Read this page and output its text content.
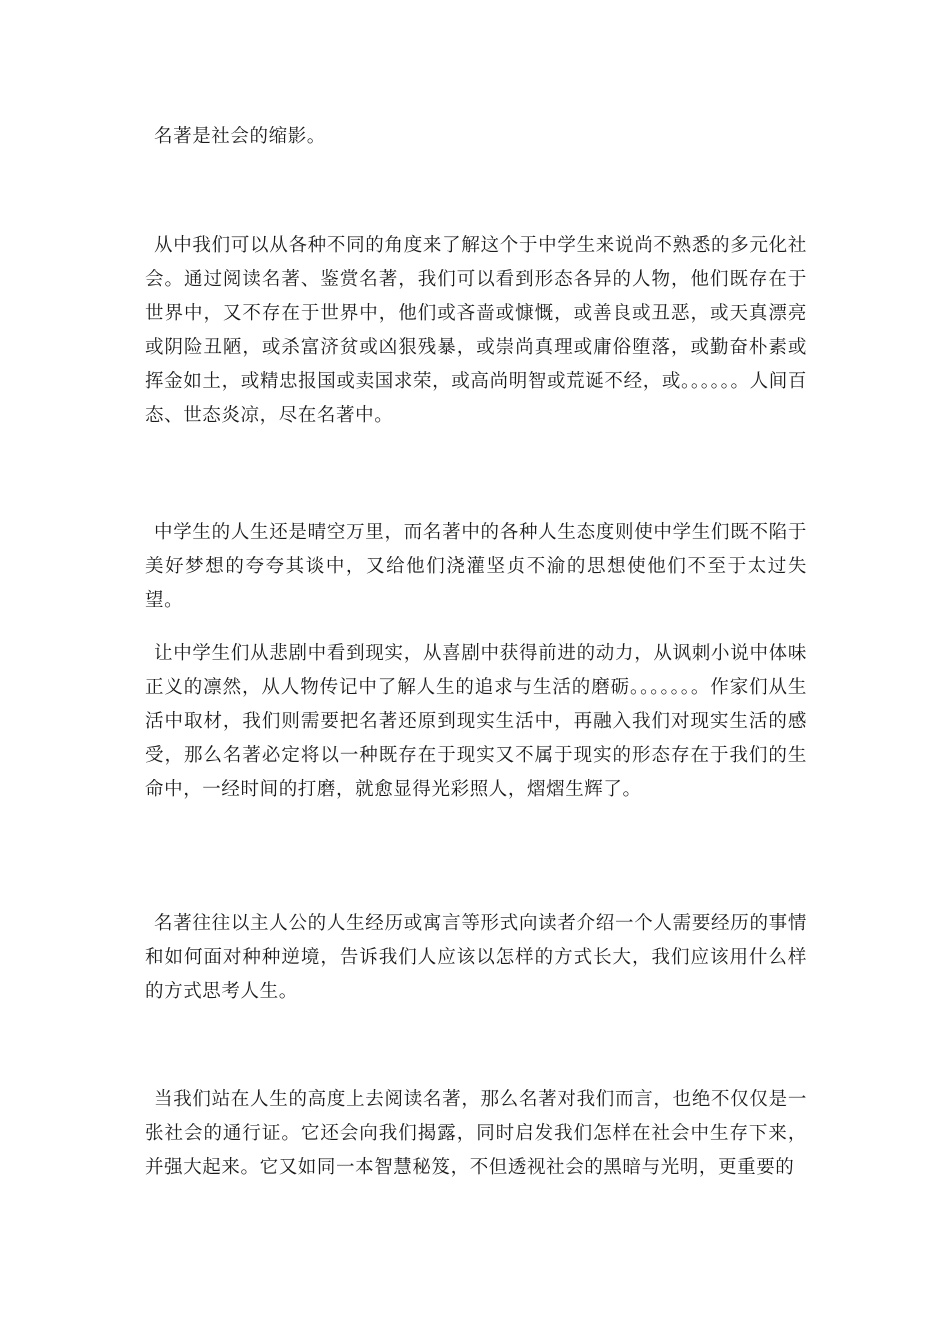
名著是社会的缩影。

从中我们可以从各种不同的角度来了解这个于中学生来说尚不熟悉的多元化社会。通过阅读名著、鉴赏名著，我们可以看到形态各异的人物，他们既存在于世界中，又不存在于世界中，他们或吝啬或慷慨，或善良或丑恶，或天真漂亮或阴险丑陋，或杀富济贫或凶狠残暴，或崇尚真理或庸俗堕落，或勤奋朴素或挥金如土，或精忠报国或卖国求荣，或高尚明智或荒诞不经，或。。。。。。人间百态、世态炎凉，尽在名著中。

中学生的人生还是晴空万里，而名著中的各种人生态度则使中学生们既不陷于美好梦想的夸夸其谈中，又给他们浇灌坚贞不渝的思想使他们不至于太过失望。

让中学生们从悲剧中看到现实，从喜剧中获得前进的动力，从讽刺小说中体味正义的凛然，从人物传记中了解人生的追求与生活的磨砺。。。。。。。作家们从生活中取材，我们则需要把名著还原到现实生活中，再融入我们对现实生活的感受，那么名著必定将以一种既存在于现实又不属于现实的形态存在于我们的生命中，一经时间的打磨，就愈显得光彩照人，熠熠生辉了。

名著往往以主人公的人生经历或寓言等形式向读者介绍一个人需要经历的事情和如何面对种种逆境，告诉我们人应该以怎样的方式长大，我们应该用什么样的方式思考人生。

当我们站在人生的高度上去阅读名著，那么名著对我们而言，也绝不仅仅是一张社会的通行证。它还会向我们揭露，同时启发我们怎样在社会中生存下来，并强大起来。它又如同一本智慧秘笈，不但透视社会的黑暗与光明，更重要的
